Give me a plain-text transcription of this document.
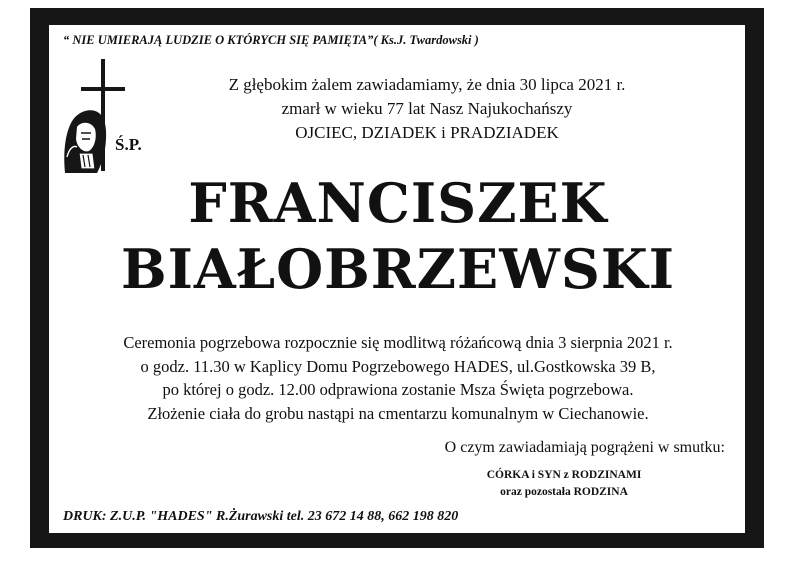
“ NIE UMIERAJĄ LUDZIE O KTÓRYCH SIĘ PAMIĘTA”( Ks.J. Twardowski )
Ś.P.
Z głębokim żalem zawiadamiamy, że dnia 30 lipca 2021 r.
zmarł w wieku 77 lat Nasz Najukochańszy
OJCIEC, DZIADEK i PRADZIADEK
FRANCISZEK
BIAŁOBRZEWSKI
Ceremonia pogrzebowa rozpocznie się modlitwą różańcową dnia 3 sierpnia 2021 r.
o godz. 11.30 w Kaplicy Domu Pogrzebowego HADES, ul.Gostkowska 39 B,
po której o godz. 12.00 odprawiona zostanie Msza Święta pogrzebowa.
Złożenie ciała do grobu nastąpi na cmentarzu komunalnym w Ciechanowie.
O czym zawiadamiają pogrążeni w smutku:
CÓRKA i SYN z RODZINAMI
oraz pozostała RODZINA
DRUK: Z.U.P. "HADES" R.Żurawski tel. 23 672 14 88, 662 198 820
